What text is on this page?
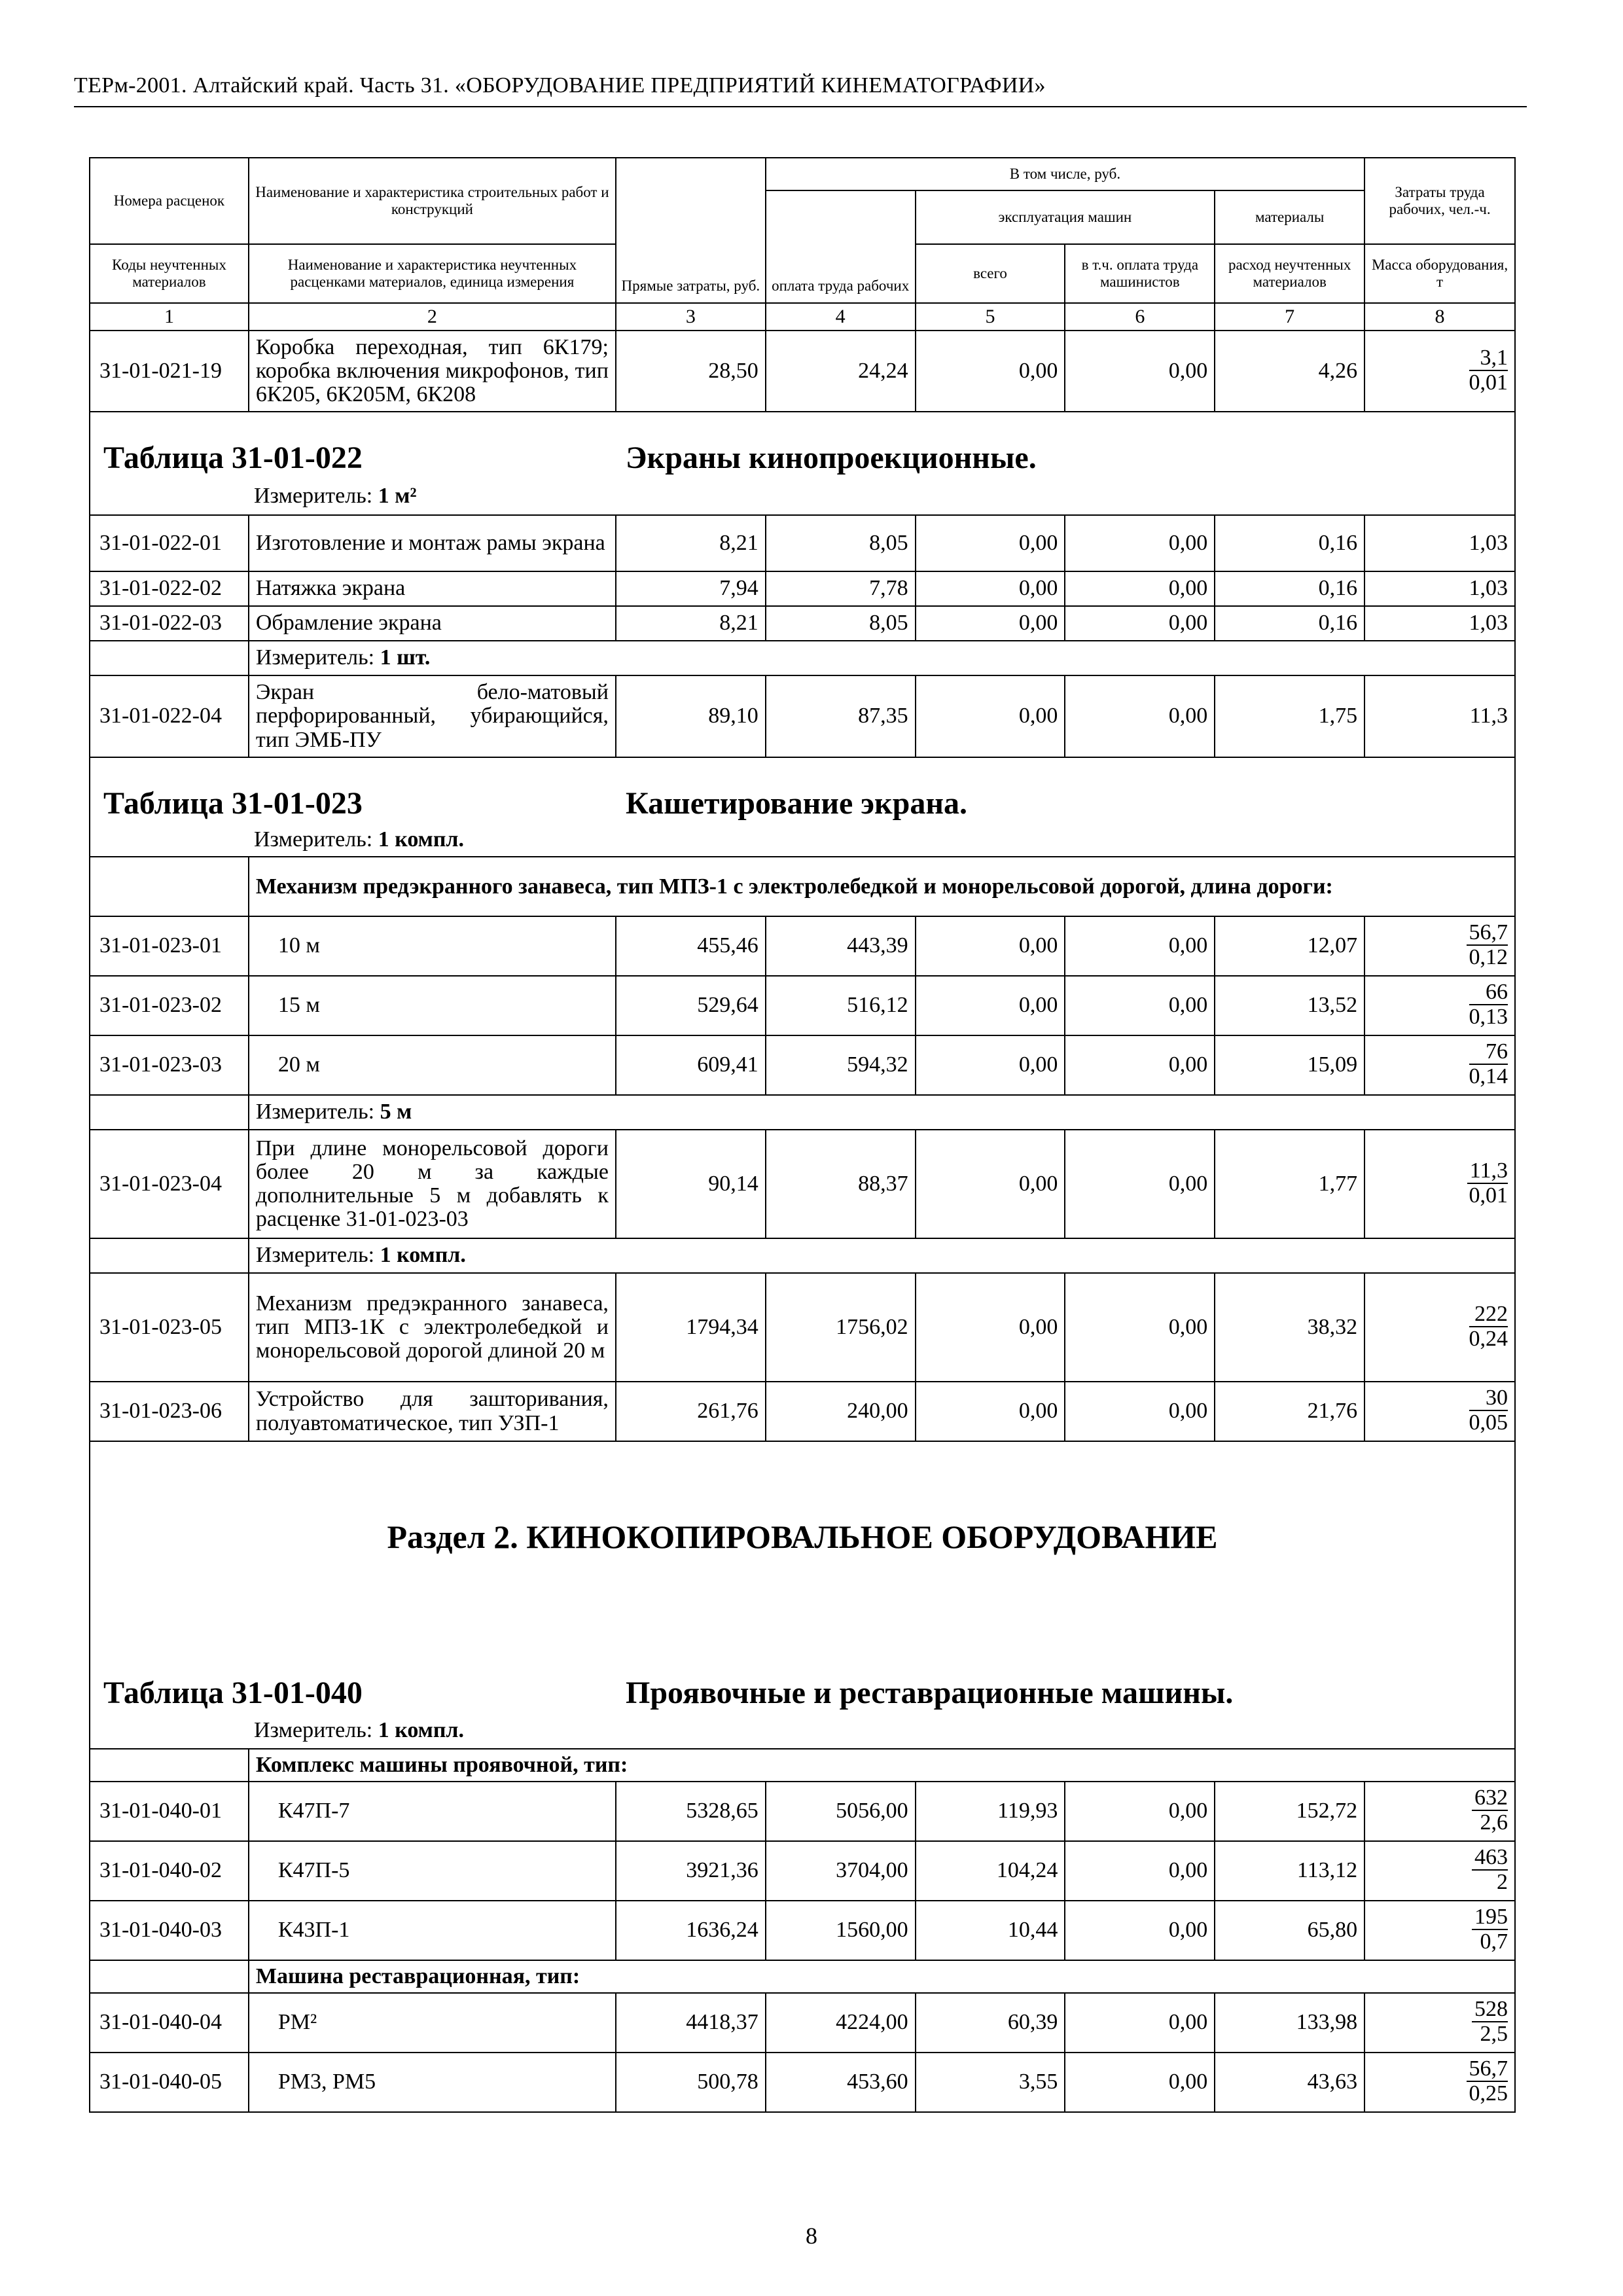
ТЕРм-2001. Алтайский край. Часть 31. «ОБОРУДОВАНИЕ ПРЕДПРИЯТИЙ КИНЕМАТОГРАФИИ»
Номера расценок	Наименование и характеристика строительных работ и конструкций	Прямые затраты, руб.	В том числе, руб.				Затраты труда рабочих, чел.-ч.
			оплата труда рабочих	эксплуатация машин		материалы	
Коды неучтенных материалов	Наименование и характеристика неучтенных расценками материалов, единица измерения			всего	в т.ч. оплата труда машинистов	расход неучтенных материалов	Масса оборудования, т
1	2	3	4	5	6	7	8
31-01-021-19	Коробка переходная, тип 6К179; коробка включения микрофонов, тип 6К205, 6К205М, 6К208	28,50	24,24	0,00	0,00	4,26	$\frac{3,1}{0,01}$

Таблица 31-01-022 Экраны кинопроекционные.							

Измеритель: 1 м²							

31-01-022-01	Изготовление и монтаж рамы экрана	8,21	8,05	0,00	0,00	0,16	1,03
31-01-022-02	Натяжка экрана	7,94	7,78	0,00	0,00	0,16	1,03
31-01-022-03	Обрамление экрана	8,21	8,05	0,00	0,00	0,16	1,03
	Измеритель: 1 шт.						
31-01-022-04	Экран бело-матовый перфорированный, убирающийся, тип ЭМБ-ПУ	89,10	87,35	0,00	0,00	1,75	11,3
Таблица 31-01-023 Кашетирование экрана.							

Измеритель: 1 компл.							

	Механизм предэкранного занавеса, тип МПЗ-1 с электролебедкой и монорельсовой дорогой, длина дороги:						
31-01-023-01	10 м	455,46	443,39	0,00	0,00	12,07	$\frac{56,7}{0,12}$

31-01-023-02	15 м	529,64	516,12	0,00	0,00	13,52	$\frac{66}{0,13}$

31-01-023-03	20 м	609,41	594,32	0,00	0,00	15,09	$\frac{76}{0,14}$

	Измеритель: 5 м						
31-01-023-04	При длине монорельсовой дороги более 20 м за каждые дополнительные 5 м добавлять к расценке 31-01-023-03	90,14	88,37	0,00	0,00	1,77	$\frac{11,3}{0,01}$

	Измеритель: 1 компл.						
31-01-023-05	Механизм предэкранного занавеса, тип МПЗ-1К с электролебедкой и монорельсовой дорогой длиной 20 м	1794,34	1756,02	0,00	0,00	38,32	$\frac{222}{0,24}$

31-01-023-06	Устройство для зашторивания, полуавтоматическое, тип УЗП-1	261,76	240,00	0,00	0,00	21,76	$\frac{30}{0,05}$

Раздел 2. КИНОКОПИРОВАЛЬНОЕ ОБОРУДОВАНИЕ							
Таблица 31-01-040 Проявочные и реставрационные машины.							

Измеритель: 1 компл.							

	Комплекс машины проявочной, тип:						
31-01-040-01	К47П-7	5328,65	5056,00	119,93	0,00	152,72	$\frac{632}{2,6}$

31-01-040-02	К47П-5	3921,36	3704,00	104,24	0,00	113,12	$\frac{463}{2}$

31-01-040-03	К43П-1	1636,24	1560,00	10,44	0,00	65,80	$\frac{195}{0,7}$

	Машина реставрационная, тип:						
31-01-040-04	РМ²	4418,37	4224,00	60,39	0,00	133,98	$\frac{528}{2,5}$

31-01-040-05	РМ3, РМ5	500,78	453,60	3,55	0,00	43,63	$\frac{56,7}{0,25}$
8
